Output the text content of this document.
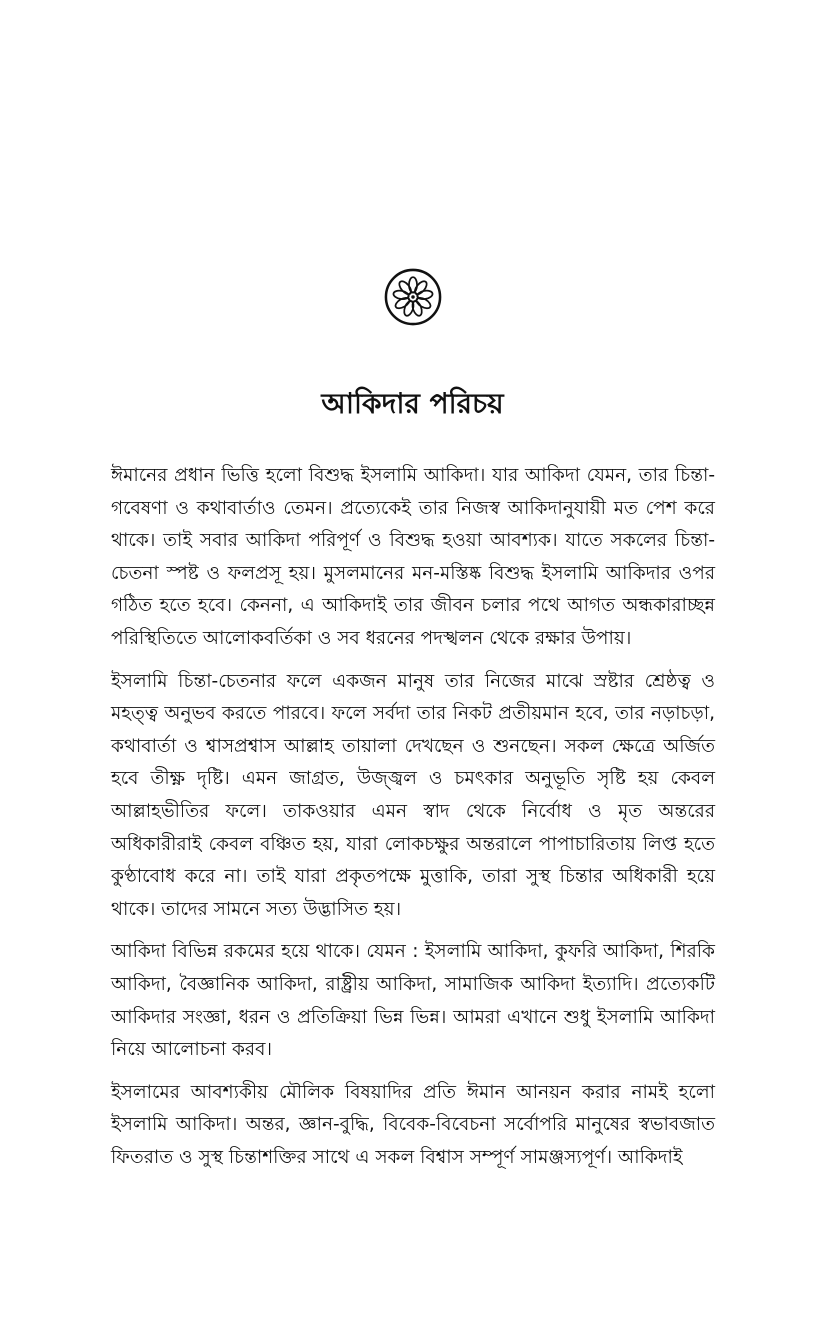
আকিদার পরিচয়

ঈমানের প্রধান ভিত্তি হলো বিশুদ্ধ ইসলামি আকিদা। যার আকিদা যেমন, তার চিন্তা-গবেষণা ও কথাবার্তাও তেমন। প্রত্যেকেই তার নিজস্ব আকিদানুযায়ী মত পেশ করে থাকে। তাই সবার আকিদা পরিপূর্ণ ও বিশুদ্ধ হওয়া আবশ্যক। যাতে সকলের চিন্তা-চেতনা স্পষ্ট ও ফলপ্রসূ হয়। মুসলমানের মন-মস্তিষ্ক বিশুদ্ধ ইসলামি আকিদার ওপর গঠিত হতে হবে। কেননা, এ আকিদাই তার জীবন চলার পথে আগত অন্ধকারাচ্ছন্ন পরিস্থিতিতে আলোকবর্তিকা ও সব ধরনের পদস্খলন থেকে রক্ষার উপায়।

ইসলামি চিন্তা-চেতনার ফলে একজন মানুষ তার নিজের মাঝে স্রষ্টার শ্রেষ্ঠত্ব ও মহত্ত্ব অনুভব করতে পারবে। ফলে সর্বদা তার নিকট প্রতীয়মান হবে, তার নড়াচড়া, কথাবার্তা ও শ্বাসপ্রশ্বাস আল্লাহ তায়ালা দেখছেন ও শুনছেন। সকল ক্ষেত্রে অর্জিত হবে তীক্ষ্ণ দৃষ্টি। এমন জাগ্রত, উজ্জ্বল ও চমৎকার অনুভূতি সৃষ্টি হয় কেবল আল্লাহভীতির ফলে। তাকওয়ার এমন স্বাদ থেকে নির্বোধ ও মৃত অন্তরের অধিকারীরাই কেবল বঞ্চিত হয়, যারা লোকচক্ষুর অন্তরালে পাপাচারিতায় লিপ্ত হতে কুণ্ঠাবোধ করে না। তাই যারা প্রকৃতপক্ষে মুত্তাকি, তারা সুস্থ চিন্তার অধিকারী হয়ে থাকে। তাদের সামনে সত্য উদ্ভাসিত হয়।

আকিদা বিভিন্ন রকমের হয়ে থাকে। যেমন : ইসলামি আকিদা, কুফরি আকিদা, শিরকি আকিদা, বৈজ্ঞানিক আকিদা, রাষ্ট্রীয় আকিদা, সামাজিক আকিদা ইত্যাদি। প্রত্যেকটি আকিদার সংজ্ঞা, ধরন ও প্রতিক্রিয়া ভিন্ন ভিন্ন। আমরা এখানে শুধু ইসলামি আকিদা নিয়ে আলোচনা করব।

ইসলামের আবশ্যকীয় মৌলিক বিষয়াদির প্রতি ঈমান আনয়ন করার নামই হলো ইসলামি আকিদা। অন্তর, জ্ঞান-বুদ্ধি, বিবেক-বিবেচনা সর্বোপরি মানুষের স্বভাবজাত ফিতরাত ও সুস্থ চিন্তাশক্তির সাথে এ সকল বিশ্বাস সম্পূর্ণ সামঞ্জস্যপূর্ণ। আকিদাই
